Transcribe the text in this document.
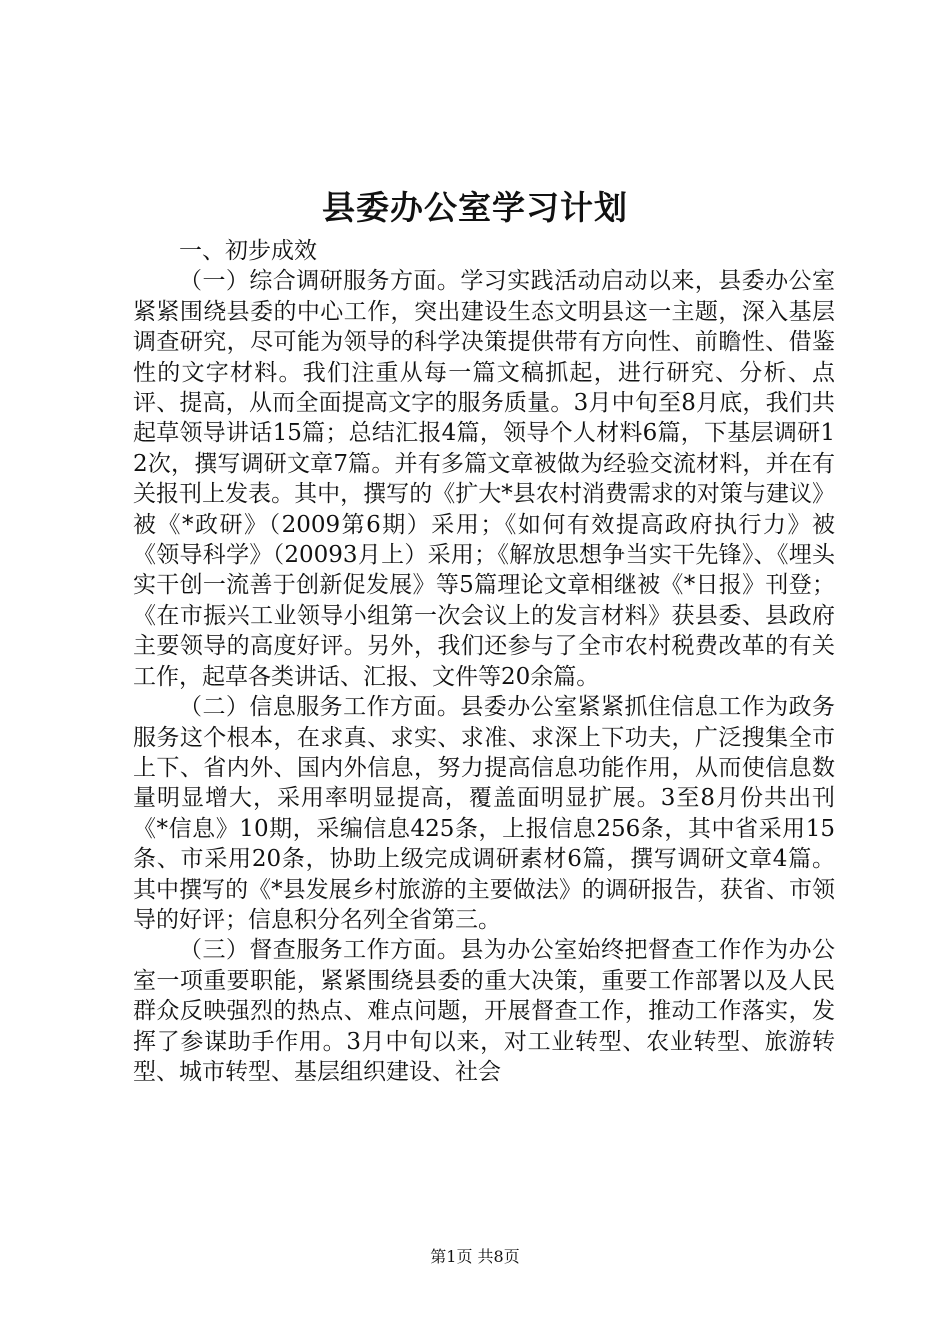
县委办公室学习计划

一、初步成效

（一）综合调研服务方面。学习实践活动启动以来，县委办公室紧紧围绕县委的中心工作，突出建设生态文明县这一主题，深入基层调查研究，尽可能为领导的科学决策提供带有方向性、前瞻性、借鉴性的文字材料。我们注重从每一篇文稿抓起，进行研究、分析、点评、提高，从而全面提高文字的服务质量。3月中旬至8月底，我们共起草领导讲话15篇；总结汇报4篇，领导个人材料6篇，下基层调研12次，撰写调研文章7篇。并有多篇文章被做为经验交流材料，并在有关报刊上发表。其中，撰写的《扩大*县农村消费需求的对策与建议》被《*政研》（2009第6期）采用；《如何有效提高政府执行力》被《领导科学》（20093月上）采用；《解放思想争当实干先锋》、《埋头实干创一流善于创新促发展》等5篇理论文章相继被《*日报》刊登；《在市振兴工业领导小组第一次会议上的发言材料》获县委、县政府主要领导的高度好评。另外，我们还参与了全市农村税费改革的有关工作，起草各类讲话、汇报、文件等20余篇。

（二）信息服务工作方面。县委办公室紧紧抓住信息工作为政务服务这个根本，在求真、求实、求准、求深上下功夫，广泛搜集全市上下、省内外、国内外信息，努力提高信息功能作用，从而使信息数量明显增大，采用率明显提高，覆盖面明显扩展。3至8月份共出刊《*信息》10期，采编信息425条，上报信息256条，其中省采用15条、市采用20条，协助上级完成调研素材6篇，撰写调研文章4篇。其中撰写的《*县发展乡村旅游的主要做法》的调研报告，获省、市领导的好评；信息积分名列全省第三。

（三）督查服务工作方面。县为办公室始终把督查工作作为办公室一项重要职能，紧紧围绕县委的重大决策，重要工作部署以及人民群众反映强烈的热点、难点问题，开展督查工作，推动工作落实，发挥了参谋助手作用。3月中旬以来，对工业转型、农业转型、旅游转型、城市转型、基层组织建设、社会

第1页 共8页
